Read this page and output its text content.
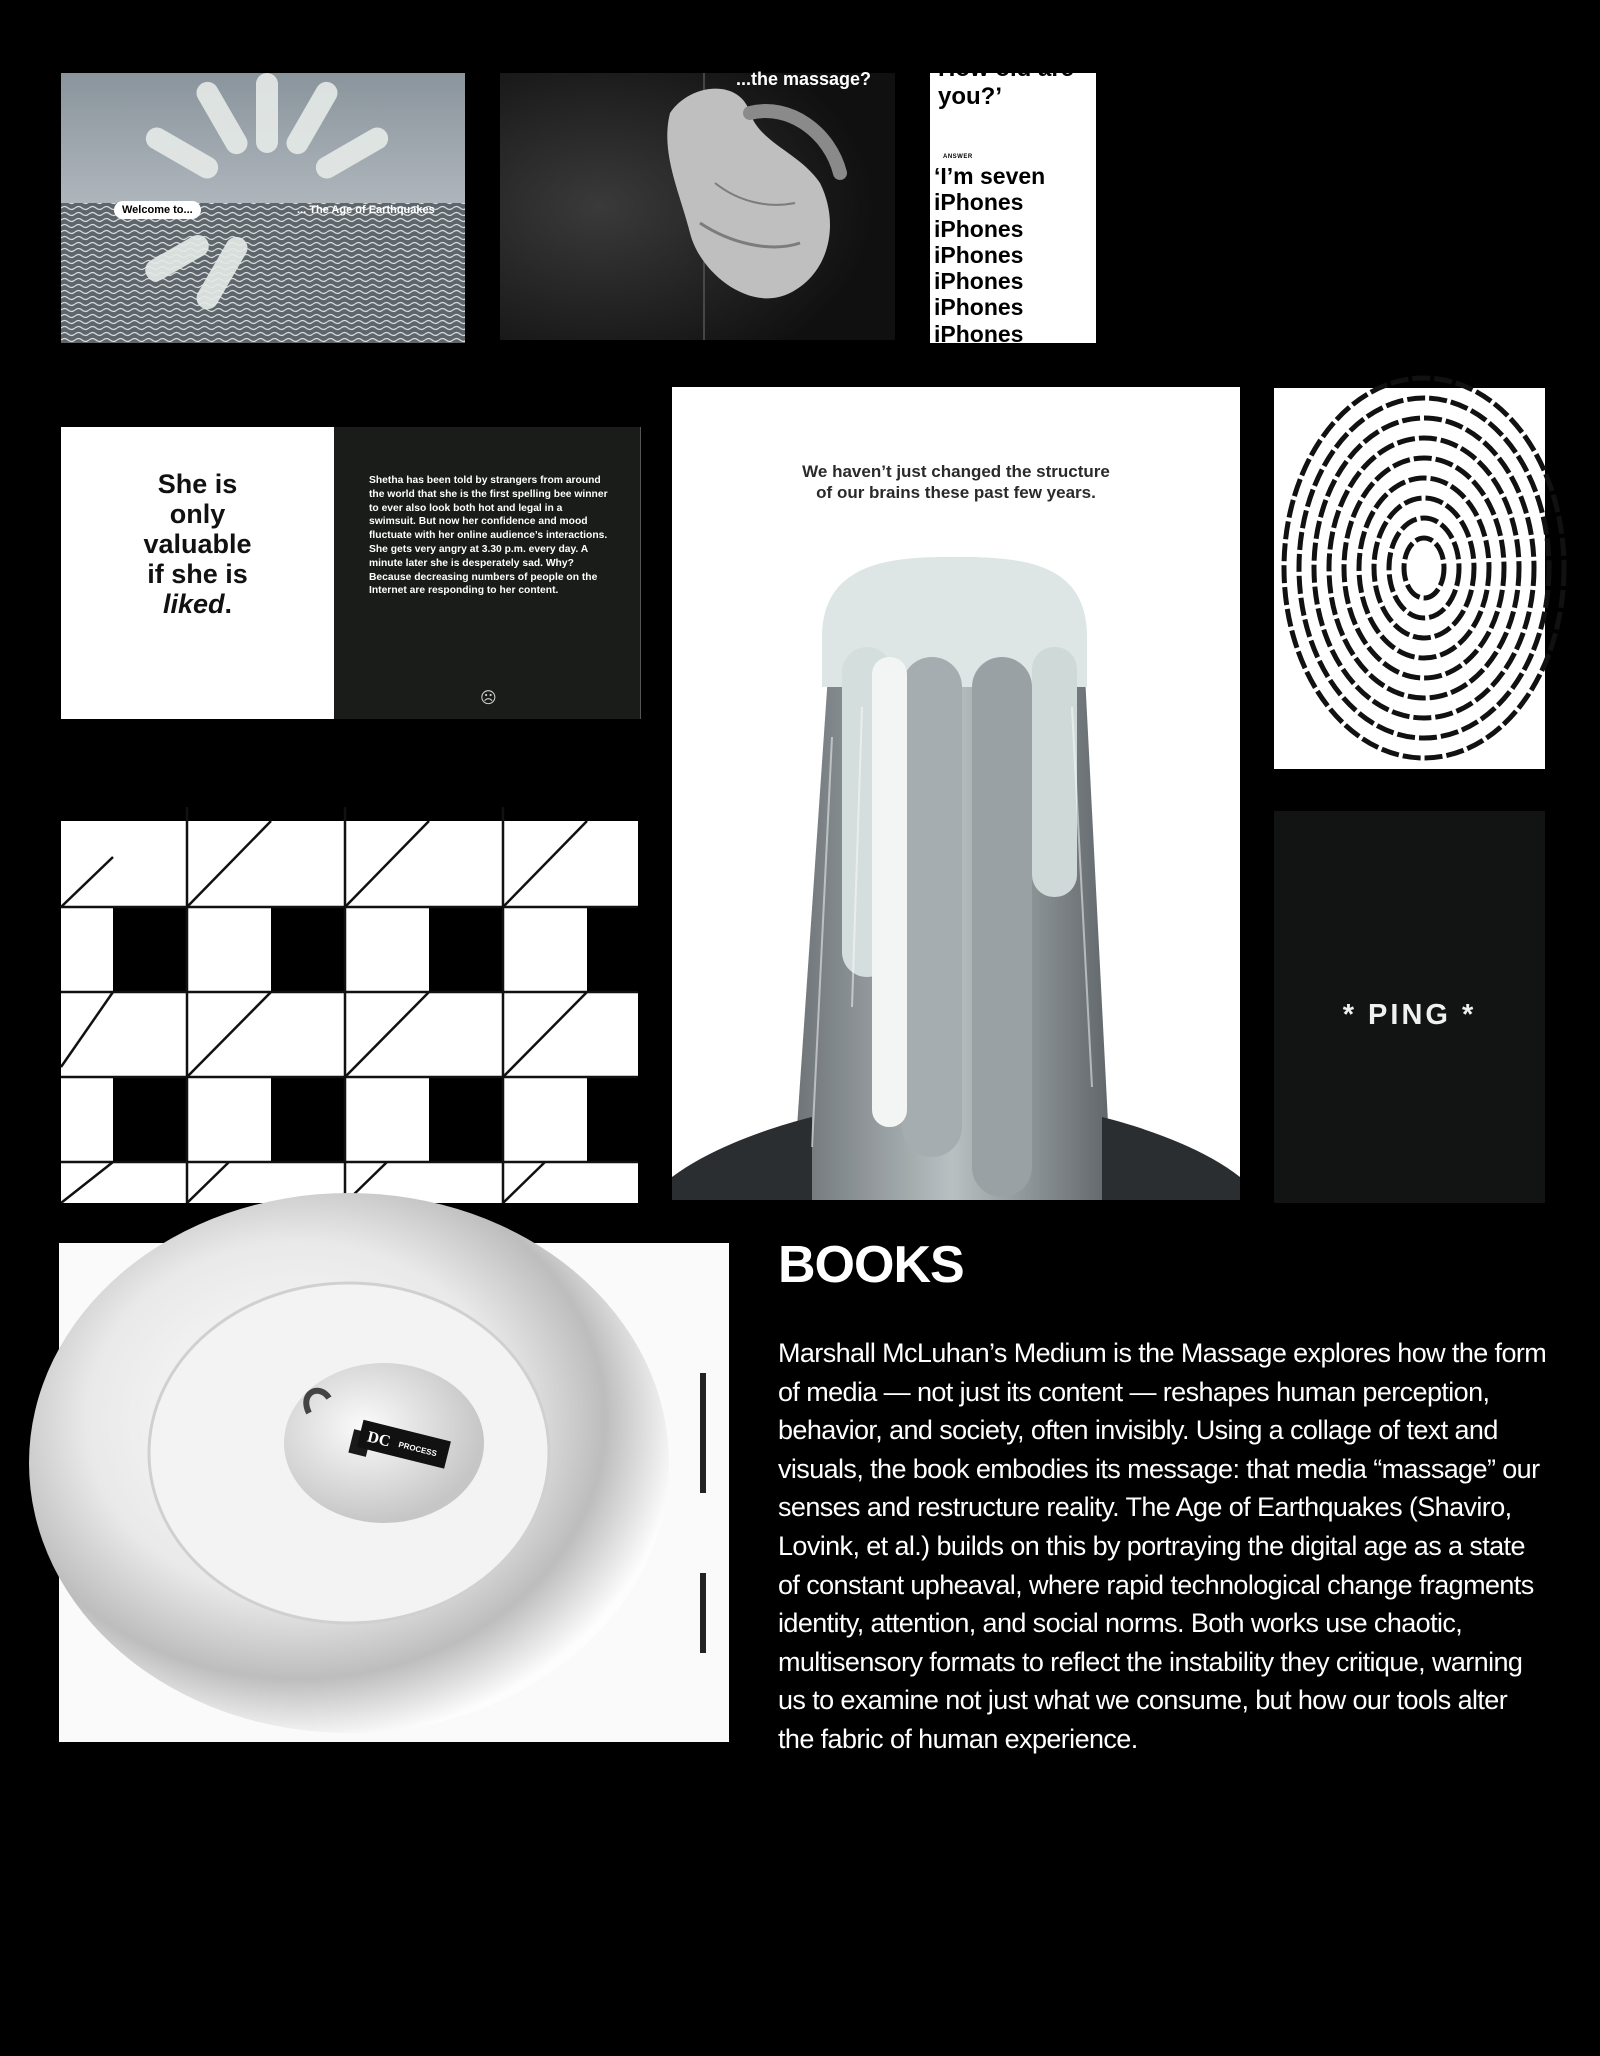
Welcome to...	... The Age of Earthquakes
...the massage?	How old are you?’
ANSWER
‘I’m seven
iPhones
iPhones
iPhones
iPhones
iPhones
iPhones
She is
only
valuable
if she is
liked.
Shetha has been told by strangers from around the world that she is the first spelling bee winner to ever also look both hot and legal in a swimsuit. But now her confidence and mood fluctuate with her online audience’s interactions. She gets very angry at 3.30 p.m. every day. A minute later she is desperately sad. Why? Because decreasing numbers of people on the Internet are responding to her content.
☹
We haven’t just changed the structure
of our brains these past few years.
* PING *
DC PROCESS
BOOKS

Marshall McLuhan’s Medium is the Massage explores how the form of media — not just its content — reshapes human perception, behavior, and society, often invisibly. Using a collage of text and visuals, the book embodies its message: that media “massage” our senses and restructure reality. The Age of Earthquakes (Shaviro, Lovink, et al.) builds on this by portraying the digital age as a state of constant upheaval, where rapid technological change fragments identity, attention, and social norms. Both works use chaotic, multisensory formats to reflect the instability they critique, warning us to examine not just what we consume, but how our tools alter the fabric of human experience.
